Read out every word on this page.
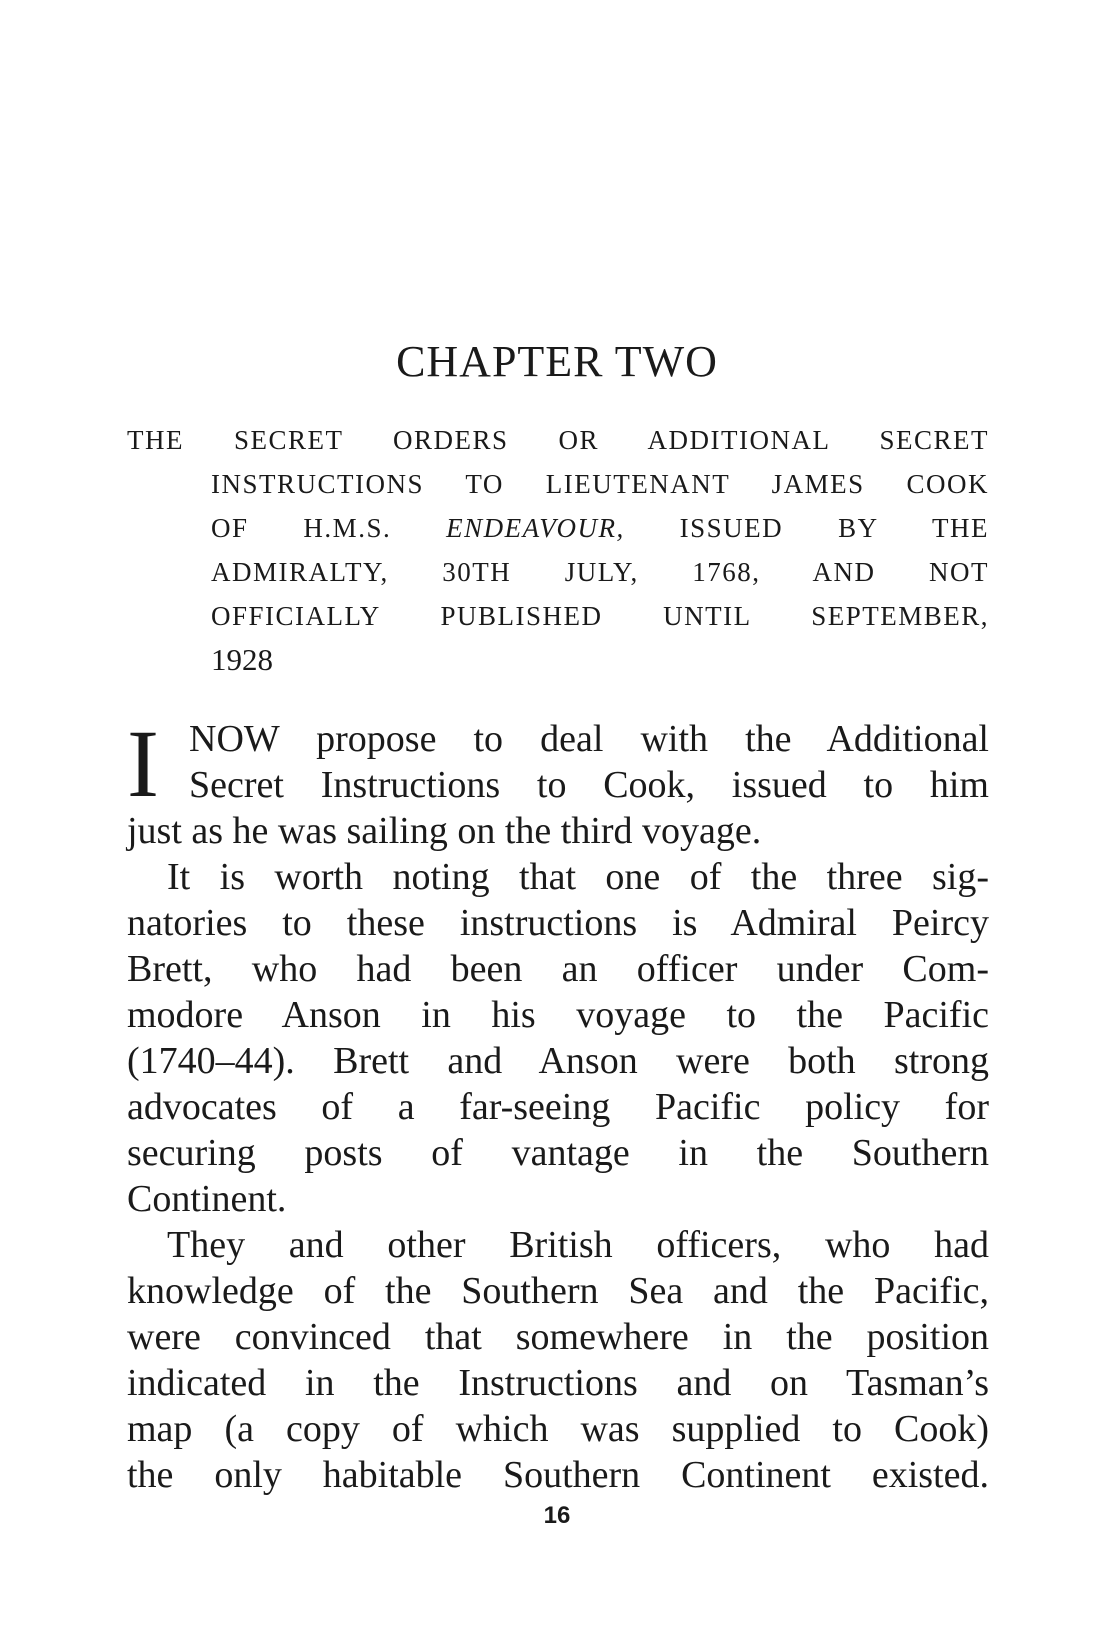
CHAPTER TWO
THE SECRET ORDERS OR ADDITIONAL SECRET
INSTRUCTIONS TO LIEUTENANT JAMES COOK
OF H.M.S. ENDEAVOUR, ISSUED BY THE
ADMIRALTY, 30TH JULY, 1768, AND NOT
OFFICIALLY PUBLISHED UNTIL SEPTEMBER,
1928
I NOW propose to deal with the Additional
Secret Instructions to Cook, issued to him
just as he was sailing on the third voyage.
It is worth noting that one of the three sig-
natories to these instructions is Admiral Peircy
Brett, who had been an officer under Com-
modore Anson in his voyage to the Pacific
(1740–44). Brett and Anson were both strong
advocates of a far-seeing Pacific policy for
securing posts of vantage in the Southern
Continent.
They and other British officers, who had
knowledge of the Southern Sea and the Pacific,
were convinced that somewhere in the position
indicated in the Instructions and on Tasman’s
map (a copy of which was supplied to Cook)
the only habitable Southern Continent existed.
16
